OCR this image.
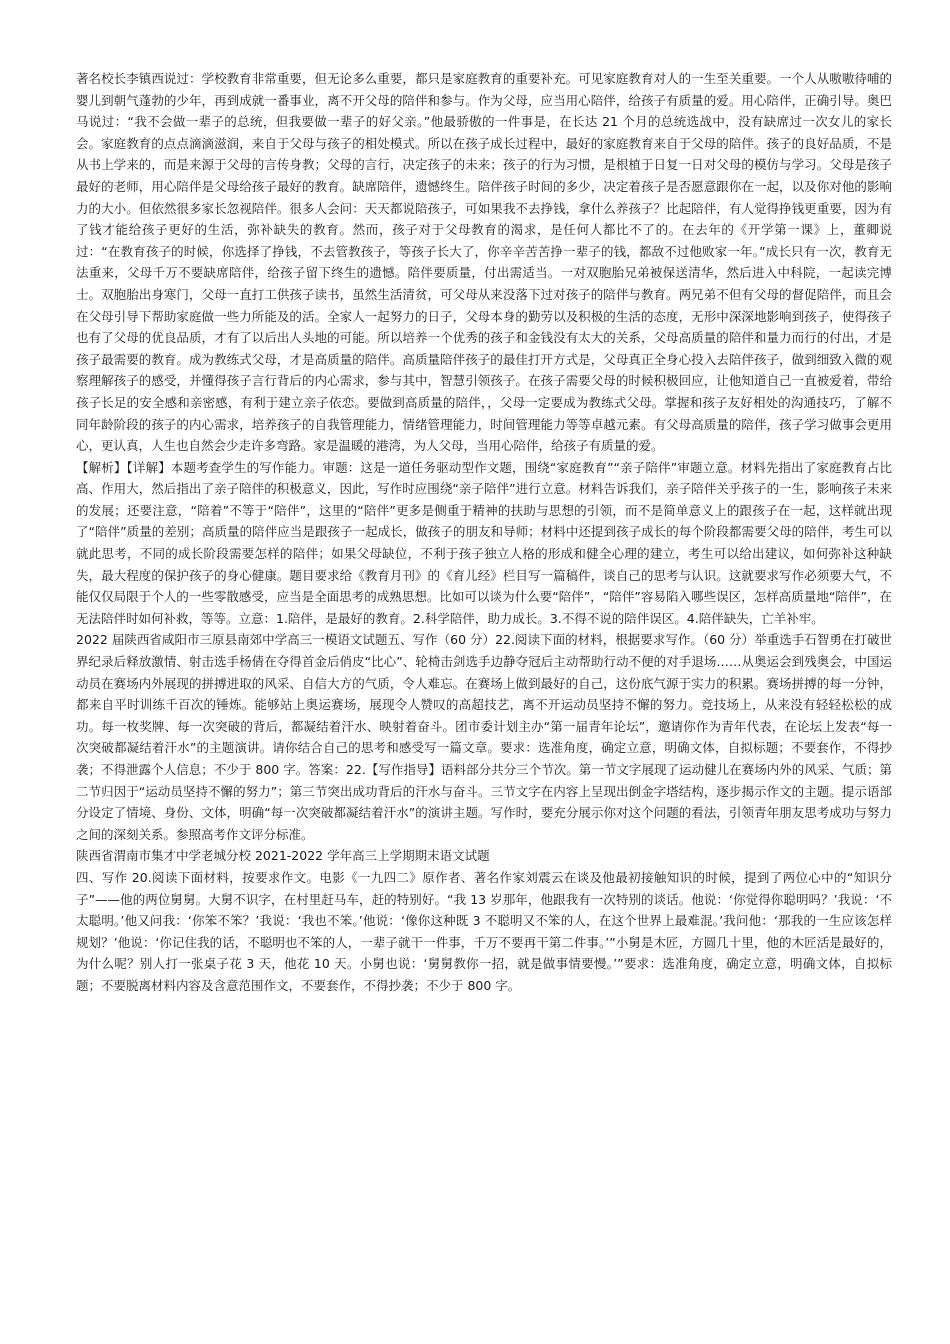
著名校长李镇西说过：学校教育非常重要，但无论多么重要，都只是家庭教育的重要补充。可见家庭教育对人的一生至关重要。一个人从嗷嗷待哺的婴儿到朝气蓬勃的少年，再到成就一番事业，离不开父母的陪伴和参与。作为父母，应当用心陪伴，给孩子有质量的爱。用心陪伴，正确引导。奥巴马说过：“我不会做一辈子的总统，但我要做一辈子的好父亲。”他最骄傲的一件事是，在长达 21 个月的总统选战中，没有缺席过一次女儿的家长会。家庭教育的点点滴滴滋润，来自于父母与孩子的相处模式。所以在孩子成长过程中，最好的家庭教育来自于父母的陪伴。孩子的良好品质，不是从书上学来的，而是来源于父母的言传身教；父母的言行，决定孩子的未来；孩子的行为习惯，是根植于日复一日对父母的模仿与学习。父母是孩子最好的老师，用心陪伴是父母给孩子最好的教育。缺席陪伴，遗憾终生。陪伴孩子时间的多少，决定着孩子是否愿意跟你在一起，以及你对他的影响力的大小。但依然很多家长忽视陪伴。很多人会问：天天都说陪孩子，可如果我不去挣钱，拿什么养孩子？比起陪伴，有人觉得挣钱更重要，因为有了钱才能给孩子更好的生活，弥补缺失的教育。然而，孩子对于父母教育的渴求，是任何人都比不了的。在去年的《开学第一课》上，董卿说过：“在教育孩子的时候，你选择了挣钱，不去管教孩子，等孩子长大了，你辛辛苦苦挣一辈子的钱，都敌不过他败家一年。”成长只有一次，教育无法重来，父母千万不要缺席陪伴，给孩子留下终生的遗憾。陪伴要质量，付出需适当。一对双胞胎兄弟被保送清华，然后进入中科院，一起读完博士。双胞胎出身寒门，父母一直打工供孩子读书，虽然生活清贫，可父母从来没落下过对孩子的陪伴与教育。两兄弟不但有父母的督促陪伴，而且会在父母引导下帮助家庭做一些力所能及的活。全家人一起努力的日子，父母本身的勤劳以及积极的生活的态度，无形中深深地影响到孩子，使得孩子也有了父母的优良品质，才有了以后出人头地的可能。所以培养一个优秀的孩子和金钱没有太大的关系，父母高质量的陪伴和量力而行的付出，才是孩子最需要的教育。成为教练式父母，才是高质量的陪伴。高质量陪伴孩子的最佳打开方式是，父母真正全身心投入去陪伴孩子，做到细致入微的观察理解孩子的感受，并懂得孩子言行背后的内心需求，参与其中，智慧引领孩子。在孩子需要父母的时候积极回应，让他知道自己一直被爱着，带给孩子长足的安全感和亲密感，有利于建立亲子依恋。要做到高质量的陪伴，，父母一定要成为教练式父母。掌握和孩子友好相处的沟通技巧，了解不同年龄阶段的孩子的内心需求，培养孩子的自我管理能力，情绪管理能力，时间管理能力等等卓越元素。有父母高质量的陪伴，孩子学习做事会更用心，更认真，人生也自然会少走许多弯路。家是温暖的港湾，为人父母，当用心陪伴，给孩子有质量的爱。

【解析】【详解】本题考查学生的写作能力。审题：这是一道任务驱动型作文题，围绕“家庭教育”“亲子陪伴”审题立意。材料先指出了家庭教育占比高、作用大，然后指出了亲子陪伴的积极意义，因此，写作时应围绕“亲子陪伴”进行立意。材料告诉我们，亲子陪伴关乎孩子的一生，影响孩子未来的发展；还要注意，“陪着”不等于“陪伴”，这里的“陪伴”更多是侧重于精神的扶助与思想的引领，而不是简单意义上的跟孩子在一起，这样就出现了“陪伴”质量的差别；高质量的陪伴应当是跟孩子一起成长，做孩子的朋友和导师；材料中还提到孩子成长的每个阶段都需要父母的陪伴，考生可以就此思考，不同的成长阶段需要怎样的陪伴；如果父母缺位，不利于孩子独立人格的形成和健全心理的建立，考生可以给出建议，如何弥补这种缺失，最大程度的保护孩子的身心健康。题目要求给《教育月刊》的《育儿经》栏目写一篇稿件，谈自己的思考与认识。这就要求写作必须要大气，不能仅仅局限于个人的一些零散感受，应当是全面思考的成熟思想。比如可以谈为什么要“陪伴”，“陪伴”容易陷入哪些误区，怎样高质量地“陪伴”，在无法陪伴时如何补救，等等。立意：1.陪伴，是最好的教育。2.科学陪伴，助力成长。3.不得不说的陪伴误区。4.陪伴缺失，亡羊补牢。

2022 届陕西省咸阳市三原县南郊中学高三一模语文试题五、写作（60 分）22.阅读下面的材料，根据要求写作。（60 分）举重选手石智勇在打破世界纪录后释放激情、射击选手杨倩在夺得首金后俏皮“比心”、轮椅击剑选手边静夺冠后主动帮助行动不便的对手退场……从奥运会到残奥会，中国运动员在赛场内外展现的拼搏进取的风采、自信大方的气质，令人难忘。在赛场上做到最好的自己，这份底气源于实力的积累。赛场拼搏的每一分钟，都来自平时训练千百次的锤炼。能够站上奥运赛场，展现令人赞叹的高超技艺，离不开运动员坚持不懈的努力。竞技场上，从来没有轻轻松松的成功。每一枚奖牌、每一次突破的背后，都凝结着汗水、映射着奋斗。团市委计划主办“第一届青年论坛”，邀请你作为青年代表，在论坛上发表“每一次突破都凝结着汗水”的主题演讲。请你结合自己的思考和感受写一篇文章。要求：选准角度，确定立意，明确文体，自拟标题；不要套作，不得抄袭；不得泄露个人信息；不少于 800 字。答案：22.【写作指导】语料部分共分三个节次。第一节文字展现了运动健儿在赛场内外的风采、气质；第二节归因于“运动员坚持不懈的努力”；第三节突出成功背后的汗水与奋斗。三节文字在内容上呈现出倒金字塔结构，逐步揭示作文的主题。提示语部分设定了情境、身份、文体，明确“每一次突破都凝结着汗水”的演讲主题。写作时，要充分展示你对这个问题的看法，引领青年朋友思考成功与努力之间的深刻关系。参照高考作文评分标准。

陕西省渭南市集才中学老城分校 2021-2022 学年高三上学期期末语文试题

四、写作 20.阅读下面材料，按要求作文。电影《一九四二》原作者、著名作家刘震云在谈及他最初接触知识的时候，提到了两位心中的“知识分子”——他的两位舅舅。大舅不识字，在村里赶马车，赶的特别好。“我 13 岁那年，他跟我有一次特别的谈话。他说：‘你觉得你聪明吗？’我说：‘不太聪明。’他又问我：‘你笨不笨？’我说：‘我也不笨。’他说：‘像你这种既 3 不聪明又不笨的人，在这个世界上最难混。’我问他：‘那我的一生应该怎样规划？’他说：‘你记住我的话，不聪明也不笨的人，一辈子就干一件事，千万不要再干第二件事。’”小舅是木匠，方圆几十里，他的木匠活是最好的，为什么呢？别人打一张桌子花 3 天，他花 10 天。小舅也说：‘舅舅教你一招，就是做事情要慢。’”要求：选准角度，确定立意，明确文体，自拟标题；不要脱离材料内容及含意范围作文，不要套作，不得抄袭；不少于 800 字。
